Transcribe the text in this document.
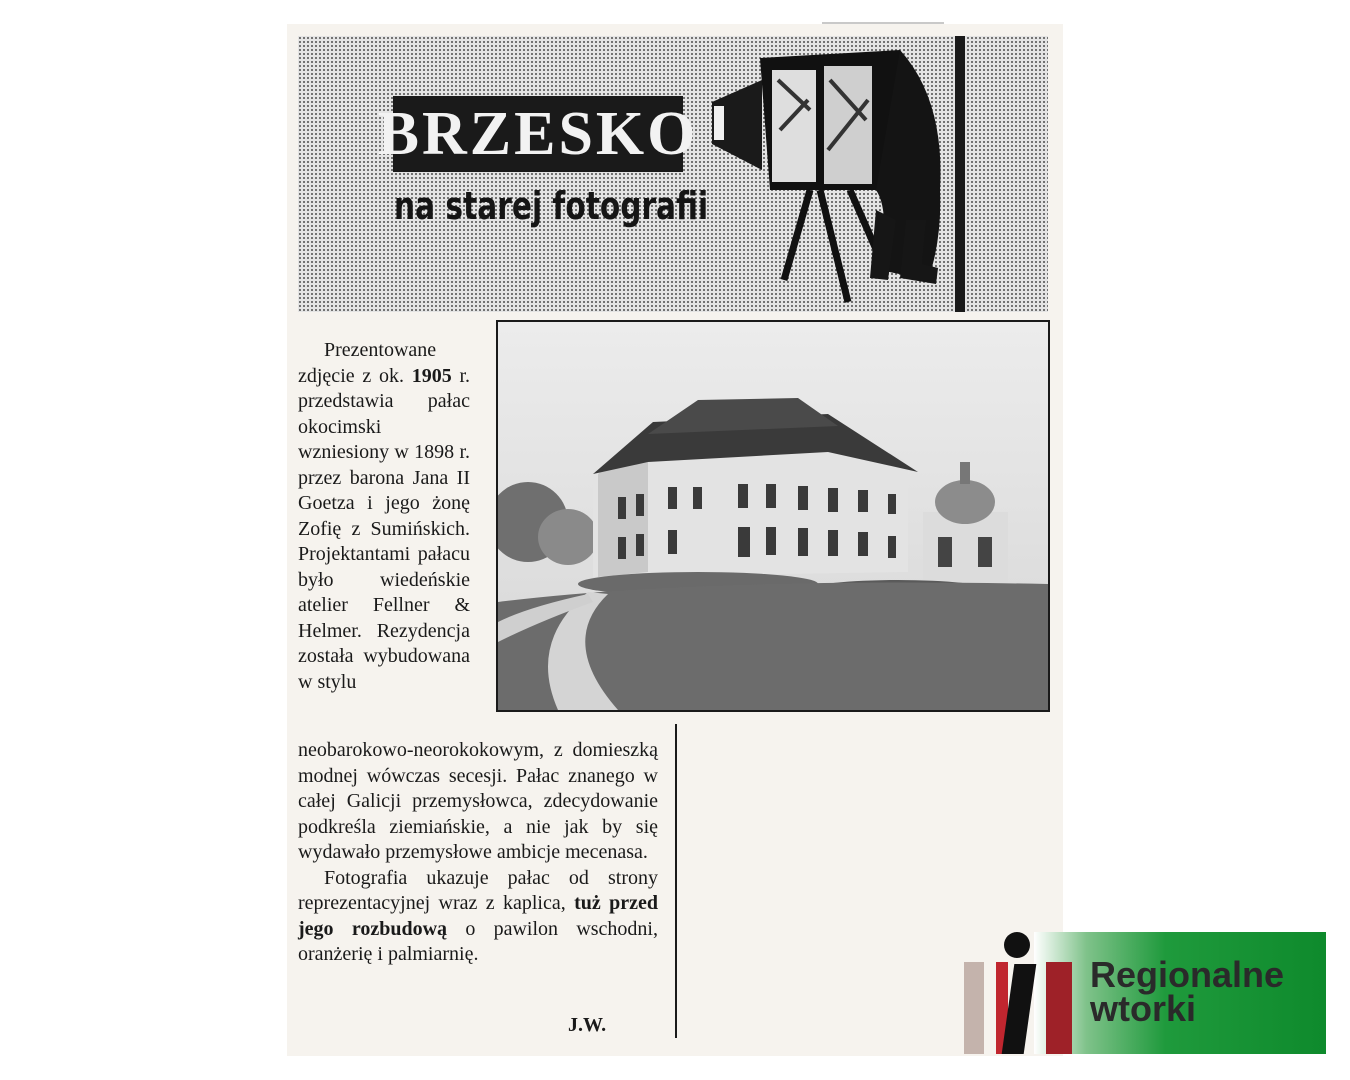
BRZESKO
na starej fotografii

Prezentowane zdjęcie z ok. 1905 r. przedstawia pałac okocimski wzniesiony w 1898 r. przez barona Jana II Goetza i jego żonę Zofię z Sumińskich. Projektantami pałacu było wiedeńskie atelier Fellner & Helmer. Rezydencja została wybudowana w stylu

neobarokowo-neorokokowym, z domieszką modnej wówczas secesji. Pałac znanego w całej Galicji przemysłowca, zdecydowanie podkreśla ziemiańskie, a nie jak by się wydawało przemysłowe ambicje mecenasa.

Fotografia ukazuje pałac od strony reprezentacyjnej wraz z kaplica, tuż przed jego rozbudową o pawilon wschodni, oranżerię i palmiarnię.

J.W.
Regionalne
wtorki
